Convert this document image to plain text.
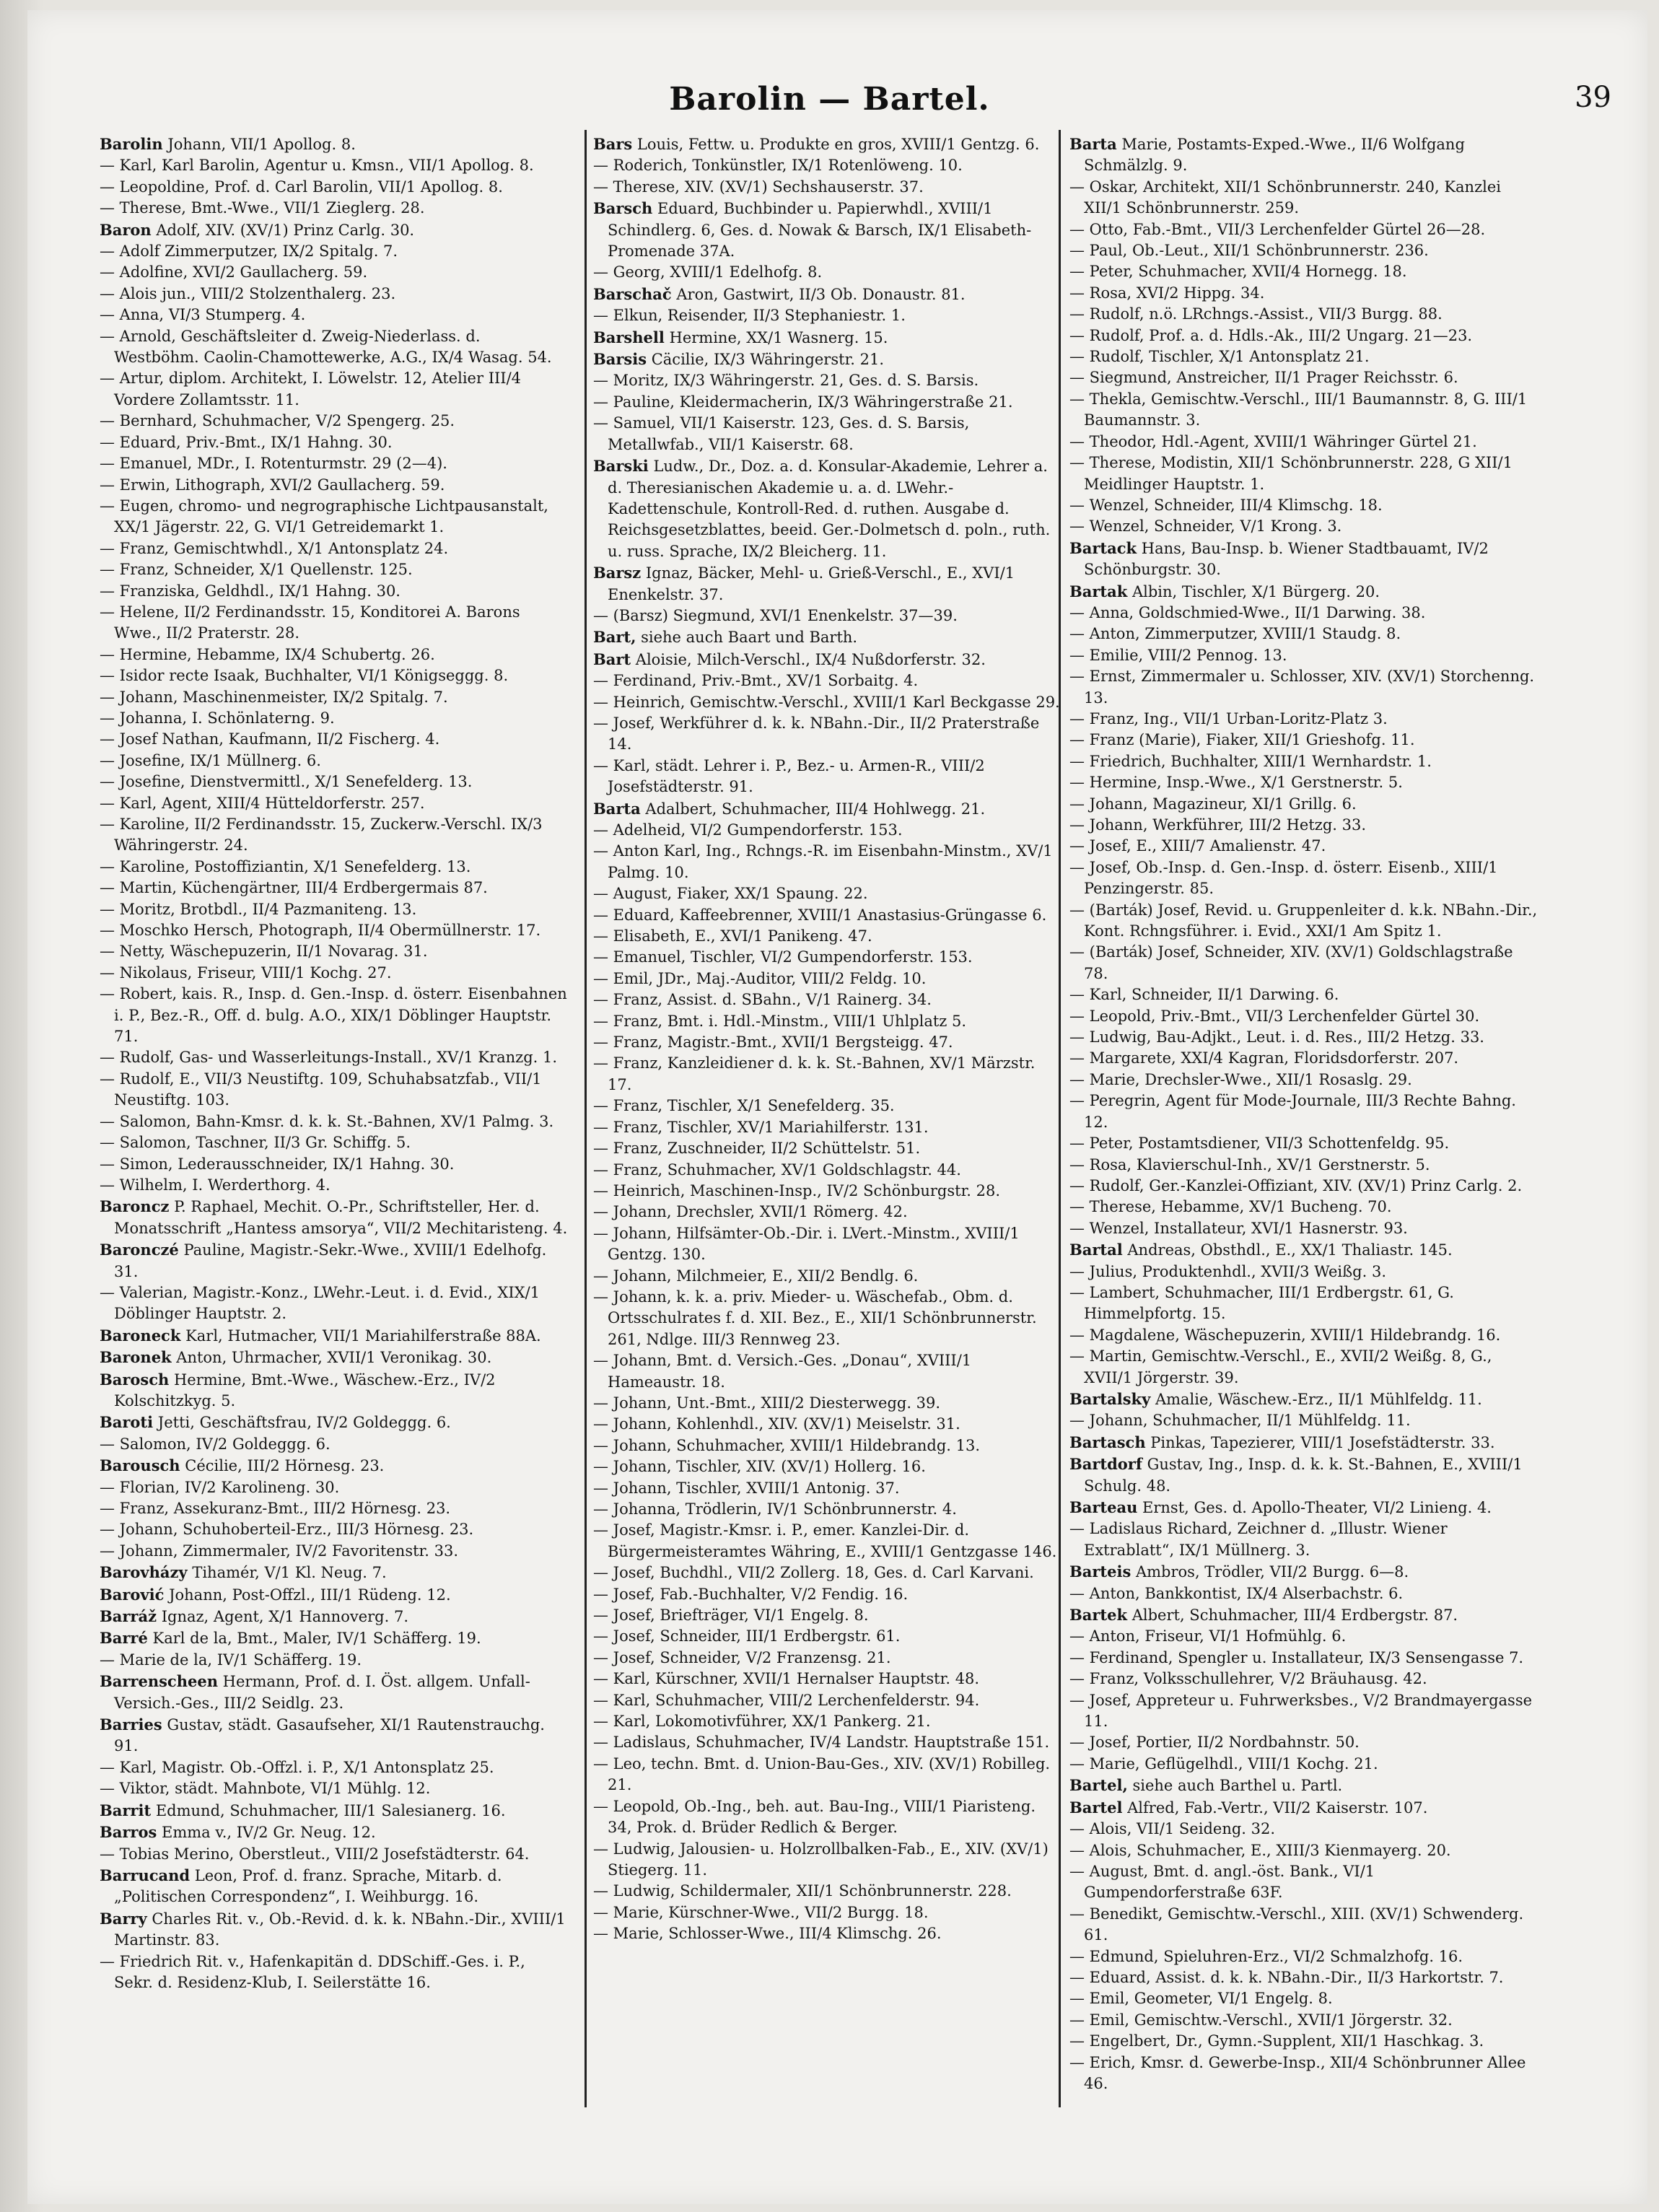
Barolin — Bartel.	39

Barolin Johann, VII/1 Apollog. 8.

— Karl, Karl Barolin, Agentur u. Kmsn., VII/1 Apollog. 8.

— Leopoldine, Prof. d. Carl Barolin, VII/1 Apollog. 8.

— Therese, Bmt.-Wwe., VII/1 Zieglerg. 28.

Baron Adolf, XIV. (XV/1) Prinz Carlg. 30.

— Adolf Zimmerputzer, IX/2 Spitalg. 7.

— Adolfine, XVI/2 Gaullacherg. 59.

— Alois jun., VIII/2 Stolzenthalerg. 23.

— Anna, VI/3 Stumperg. 4.

— Arnold, Geschäftsleiter d. Zweig-Niederlass. d. Westböhm. Caolin-Chamottewerke, A.G., IX/4 Wasag. 54.

— Artur, diplom. Architekt, I. Löwelstr. 12, Atelier III/4 Vordere Zollamtsstr. 11.

— Bernhard, Schuhmacher, V/2 Spengerg. 25.

— Eduard, Priv.-Bmt., IX/1 Hahng. 30.

— Emanuel, MDr., I. Rotenturmstr. 29 (2—4).

— Erwin, Lithograph, XVI/2 Gaullacherg. 59.

— Eugen, chromo- und negrographische Lichtpausanstalt, XX/1 Jägerstr. 22, G. VI/1 Getreidemarkt 1.

— Franz, Gemischtwhdl., X/1 Antonsplatz 24.

— Franz, Schneider, X/1 Quellenstr. 125.

— Franziska, Geldhdl., IX/1 Hahng. 30.

— Helene, II/2 Ferdinandsstr. 15, Konditorei A. Barons Wwe., II/2 Praterstr. 28.

— Hermine, Hebamme, IX/4 Schubertg. 26.

— Isidor recte Isaak, Buchhalter, VI/1 Königseggg. 8.

— Johann, Maschinenmeister, IX/2 Spitalg. 7.

— Johanna, I. Schönlaterng. 9.

— Josef Nathan, Kaufmann, II/2 Fischerg. 4.

— Josefine, IX/1 Müllnerg. 6.

— Josefine, Dienstvermittl., X/1 Senefelderg. 13.

— Karl, Agent, XIII/4 Hütteldorferstr. 257.

— Karoline, II/2 Ferdinandsstr. 15, Zuckerw.-Verschl. IX/3 Währingerstr. 24.

— Karoline, Postoffiziantin, X/1 Senefelderg. 13.

— Martin, Küchengärtner, III/4 Erdbergermais 87.

— Moritz, Brotbdl., II/4 Pazmaniteng. 13.

— Moschko Hersch, Photograph, II/4 Obermüllnerstr. 17.

— Netty, Wäschepuzerin, II/1 Novarag. 31.

— Nikolaus, Friseur, VIII/1 Kochg. 27.

— Robert, kais. R., Insp. d. Gen.-Insp. d. österr. Eisenbahnen i. P., Bez.-R., Off. d. bulg. A.O., XIX/1 Döblinger Hauptstr. 71.

— Rudolf, Gas- und Wasserleitungs-Install., XV/1 Kranzg. 1.

— Rudolf, E., VII/3 Neustiftg. 109, Schuhabsatzfab., VII/1 Neustiftg. 103.

— Salomon, Bahn-Kmsr. d. k. k. St.-Bahnen, XV/1 Palmg. 3.

— Salomon, Taschner, II/3 Gr. Schiffg. 5.

— Simon, Lederausschneider, IX/1 Hahng. 30.

— Wilhelm, I. Werderthorg. 4.

Baroncz P. Raphael, Mechit. O.-Pr., Schriftsteller, Her. d. Monatsschrift „Hantess amsorya“, VII/2 Mechitaristeng. 4.

Baronczé Pauline, Magistr.-Sekr.-Wwe., XVIII/1 Edelhofg. 31.

— Valerian, Magistr.-Konz., LWehr.-Leut. i. d. Evid., XIX/1 Döblinger Hauptstr. 2.

Baroneck Karl, Hutmacher, VII/1 Mariahilferstraße 88A.

Baronek Anton, Uhrmacher, XVII/1 Veronikag. 30.

Barosch Hermine, Bmt.-Wwe., Wäschew.-Erz., IV/2 Kolschitzkyg. 5.

Baroti Jetti, Geschäftsfrau, IV/2 Goldeggg. 6.

— Salomon, IV/2 Goldeggg. 6.

Barousch Cécilie, III/2 Hörnesg. 23.

— Florian, IV/2 Karolineng. 30.

— Franz, Assekuranz-Bmt., III/2 Hörnesg. 23.

— Johann, Schuhoberteil-Erz., III/3 Hörnesg. 23.

— Johann, Zimmermaler, IV/2 Favoritenstr. 33.

Barovházy Tihamér, V/1 Kl. Neug. 7.

Barović Johann, Post-Offzl., III/1 Rüdeng. 12.

Barráž Ignaz, Agent, X/1 Hannoverg. 7.

Barré Karl de la, Bmt., Maler, IV/1 Schäfferg. 19.

— Marie de la, IV/1 Schäfferg. 19.

Barrenscheen Hermann, Prof. d. I. Öst. allgem. Unfall-Versich.-Ges., III/2 Seidlg. 23.

Barries Gustav, städt. Gasaufseher, XI/1 Rautenstrauchg. 91.

— Karl, Magistr. Ob.-Offzl. i. P., X/1 Antonsplatz 25.

— Viktor, städt. Mahnbote, VI/1 Mühlg. 12.

Barrit Edmund, Schuhmacher, III/1 Salesianerg. 16.

Barros Emma v., IV/2 Gr. Neug. 12.

— Tobias Merino, Oberstleut., VIII/2 Josefstädterstr. 64.

Barrucand Leon, Prof. d. franz. Sprache, Mitarb. d. „Politischen Correspondenz“, I. Weihburgg. 16.

Barry Charles Rit. v., Ob.-Revid. d. k. k. NBahn.-Dir., XVIII/1 Martinstr. 83.

— Friedrich Rit. v., Hafenkapitän d. DDSchiff.-Ges. i. P., Sekr. d. Residenz-Klub, I. Seilerstätte 16.

Bars Louis, Fettw. u. Produkte en gros, XVIII/1 Gentzg. 6.

— Roderich, Tonkünstler, IX/1 Rotenlöweng. 10.

— Therese, XIV. (XV/1) Sechshauserstr. 37.

Barsch Eduard, Buchbinder u. Papierwhdl., XVIII/1 Schindlerg. 6, Ges. d. Nowak & Barsch, IX/1 Elisabeth-Promenade 37A.

— Georg, XVIII/1 Edelhofg. 8.

Barschač Aron, Gastwirt, II/3 Ob. Donaustr. 81.

— Elkun, Reisender, II/3 Stephaniestr. 1.

Barshell Hermine, XX/1 Wasnerg. 15.

Barsis Cäcilie, IX/3 Währingerstr. 21.

— Moritz, IX/3 Währingerstr. 21, Ges. d. S. Barsis.

— Pauline, Kleidermacherin, IX/3 Währingerstraße 21.

— Samuel, VII/1 Kaiserstr. 123, Ges. d. S. Barsis, Metallwfab., VII/1 Kaiserstr. 68.

Barski Ludw., Dr., Doz. a. d. Konsular-Akademie, Lehrer a. d. Theresianischen Akademie u. a. d. LWehr.-Kadettenschule, Kontroll-Red. d. ruthen. Ausgabe d. Reichsgesetzblattes, beeid. Ger.-Dolmetsch d. poln., ruth. u. russ. Sprache, IX/2 Bleicherg. 11.

Barsz Ignaz, Bäcker, Mehl- u. Grieß-Verschl., E., XVI/1 Enenkelstr. 37.

— (Barsz) Siegmund, XVI/1 Enenkelstr. 37—39.

Bart, siehe auch Baart und Barth.

Bart Aloisie, Milch-Verschl., IX/4 Nußdorferstr. 32.

— Ferdinand, Priv.-Bmt., XV/1 Sorbaitg. 4.

— Heinrich, Gemischtw.-Verschl., XVIII/1 Karl Beckgasse 29.

— Josef, Werkführer d. k. k. NBahn.-Dir., II/2 Praterstraße 14.

— Karl, städt. Lehrer i. P., Bez.- u. Armen-R., VIII/2 Josefstädterstr. 91.

Barta Adalbert, Schuhmacher, III/4 Hohlwegg. 21.

— Adelheid, VI/2 Gumpendorferstr. 153.

— Anton Karl, Ing., Rchngs.-R. im Eisenbahn-Minstm., XV/1 Palmg. 10.

— August, Fiaker, XX/1 Spaung. 22.

— Eduard, Kaffeebrenner, XVIII/1 Anastasius-Grüngasse 6.

— Elisabeth, E., XVI/1 Panikeng. 47.

— Emanuel, Tischler, VI/2 Gumpendorferstr. 153.

— Emil, JDr., Maj.-Auditor, VIII/2 Feldg. 10.

— Franz, Assist. d. SBahn., V/1 Rainerg. 34.

— Franz, Bmt. i. Hdl.-Minstm., VIII/1 Uhlplatz 5.

— Franz, Magistr.-Bmt., XVII/1 Bergsteigg. 47.

— Franz, Kanzleidiener d. k. k. St.-Bahnen, XV/1 Märzstr. 17.

— Franz, Tischler, X/1 Senefelderg. 35.

— Franz, Tischler, XV/1 Mariahilferstr. 131.

— Franz, Zuschneider, II/2 Schüttelstr. 51.

— Franz, Schuhmacher, XV/1 Goldschlagstr. 44.

— Heinrich, Maschinen-Insp., IV/2 Schönburgstr. 28.

— Johann, Drechsler, XVII/1 Römerg. 42.

— Johann, Hilfsämter-Ob.-Dir. i. LVert.-Minstm., XVIII/1 Gentzg. 130.

— Johann, Milchmeier, E., XII/2 Bendlg. 6.

— Johann, k. k. a. priv. Mieder- u. Wäschefab., Obm. d. Ortsschulrates f. d. XII. Bez., E., XII/1 Schönbrunnerstr. 261, Ndlge. III/3 Rennweg 23.

— Johann, Bmt. d. Versich.-Ges. „Donau“, XVIII/1 Hameaustr. 18.

— Johann, Unt.-Bmt., XIII/2 Diesterwegg. 39.

— Johann, Kohlenhdl., XIV. (XV/1) Meiselstr. 31.

— Johann, Schuhmacher, XVIII/1 Hildebrandg. 13.

— Johann, Tischler, XIV. (XV/1) Hollerg. 16.

— Johann, Tischler, XVIII/1 Antonig. 37.

— Johanna, Trödlerin, IV/1 Schönbrunnerstr. 4.

— Josef, Magistr.-Kmsr. i. P., emer. Kanzlei-Dir. d. Bürgermeisteramtes Währing, E., XVIII/1 Gentzgasse 146.

— Josef, Buchdhl., VII/2 Zollerg. 18, Ges. d. Carl Karvani.

— Josef, Fab.-Buchhalter, V/2 Fendig. 16.

— Josef, Briefträger, VI/1 Engelg. 8.

— Josef, Schneider, III/1 Erdbergstr. 61.

— Josef, Schneider, V/2 Franzensg. 21.

— Karl, Kürschner, XVII/1 Hernalser Hauptstr. 48.

— Karl, Schuhmacher, VIII/2 Lerchenfelderstr. 94.

— Karl, Lokomotivführer, XX/1 Pankerg. 21.

— Ladislaus, Schuhmacher, IV/4 Landstr. Hauptstraße 151.

— Leo, techn. Bmt. d. Union-Bau-Ges., XIV. (XV/1) Robilleg. 21.

— Leopold, Ob.-Ing., beh. aut. Bau-Ing., VIII/1 Piaristeng. 34, Prok. d. Brüder Redlich & Berger.

— Ludwig, Jalousien- u. Holzrollbalken-Fab., E., XIV. (XV/1) Stiegerg. 11.

— Ludwig, Schildermaler, XII/1 Schönbrunnerstr. 228.

— Marie, Kürschner-Wwe., VII/2 Burgg. 18.

— Marie, Schlosser-Wwe., III/4 Klimschg. 26.

Barta Marie, Postamts-Exped.-Wwe., II/6 Wolfgang Schmälzlg. 9.

— Oskar, Architekt, XII/1 Schönbrunnerstr. 240, Kanzlei XII/1 Schönbrunnerstr. 259.

— Otto, Fab.-Bmt., VII/3 Lerchenfelder Gürtel 26—28.

— Paul, Ob.-Leut., XII/1 Schönbrunnerstr. 236.

— Peter, Schuhmacher, XVII/4 Hornegg. 18.

— Rosa, XVI/2 Hippg. 34.

— Rudolf, n.ö. LRchngs.-Assist., VII/3 Burgg. 88.

— Rudolf, Prof. a. d. Hdls.-Ak., III/2 Ungarg. 21—23.

— Rudolf, Tischler, X/1 Antonsplatz 21.

— Siegmund, Anstreicher, II/1 Prager Reichsstr. 6.

— Thekla, Gemischtw.-Verschl., III/1 Baumannstr. 8, G. III/1 Baumannstr. 3.

— Theodor, Hdl.-Agent, XVIII/1 Währinger Gürtel 21.

— Therese, Modistin, XII/1 Schönbrunnerstr. 228, G XII/1 Meidlinger Hauptstr. 1.

— Wenzel, Schneider, III/4 Klimschg. 18.

— Wenzel, Schneider, V/1 Krong. 3.

Bartack Hans, Bau-Insp. b. Wiener Stadtbauamt, IV/2 Schönburgstr. 30.

Bartak Albin, Tischler, X/1 Bürgerg. 20.

— Anna, Goldschmied-Wwe., II/1 Darwing. 38.

— Anton, Zimmerputzer, XVIII/1 Staudg. 8.

— Emilie, VIII/2 Pennog. 13.

— Ernst, Zimmermaler u. Schlosser, XIV. (XV/1) Storchenng. 13.

— Franz, Ing., VII/1 Urban-Loritz-Platz 3.

— Franz (Marie), Fiaker, XII/1 Grieshofg. 11.

— Friedrich, Buchhalter, XIII/1 Wernhardstr. 1.

— Hermine, Insp.-Wwe., X/1 Gerstnerstr. 5.

— Johann, Magazineur, XI/1 Grillg. 6.

— Johann, Werkführer, III/2 Hetzg. 33.

— Josef, E., XIII/7 Amalienstr. 47.

— Josef, Ob.-Insp. d. Gen.-Insp. d. österr. Eisenb., XIII/1 Penzingerstr. 85.

— (Barták) Josef, Revid. u. Gruppenleiter d. k.k. NBahn.-Dir., Kont. Rchngsführer. i. Evid., XXI/1 Am Spitz 1.

— (Barták) Josef, Schneider, XIV. (XV/1) Goldschlagstraße 78.

— Karl, Schneider, II/1 Darwing. 6.

— Leopold, Priv.-Bmt., VII/3 Lerchenfelder Gürtel 30.

— Ludwig, Bau-Adjkt., Leut. i. d. Res., III/2 Hetzg. 33.

— Margarete, XXI/4 Kagran, Floridsdorferstr. 207.

— Marie, Drechsler-Wwe., XII/1 Rosaslg. 29.

— Peregrin, Agent für Mode-Journale, III/3 Rechte Bahng. 12.

— Peter, Postamtsdiener, VII/3 Schottenfeldg. 95.

— Rosa, Klavierschul-Inh., XV/1 Gerstnerstr. 5.

— Rudolf, Ger.-Kanzlei-Offiziant, XIV. (XV/1) Prinz Carlg. 2.

— Therese, Hebamme, XV/1 Bucheng. 70.

— Wenzel, Installateur, XVI/1 Hasnerstr. 93.

Bartal Andreas, Obsthdl., E., XX/1 Thaliastr. 145.

— Julius, Produktenhdl., XVII/3 Weißg. 3.

— Lambert, Schuhmacher, III/1 Erdbergstr. 61, G. Himmelpfortg. 15.

— Magdalene, Wäschepuzerin, XVIII/1 Hildebrandg. 16.

— Martin, Gemischtw.-Verschl., E., XVII/2 Weißg. 8, G., XVII/1 Jörgerstr. 39.

Bartalsky Amalie, Wäschew.-Erz., II/1 Mühlfeldg. 11.

— Johann, Schuhmacher, II/1 Mühlfeldg. 11.

Bartasch Pinkas, Tapezierer, VIII/1 Josefstädterstr. 33.

Bartdorf Gustav, Ing., Insp. d. k. k. St.-Bahnen, E., XVIII/1 Schulg. 48.

Barteau Ernst, Ges. d. Apollo-Theater, VI/2 Linieng. 4.

— Ladislaus Richard, Zeichner d. „Illustr. Wiener Extrablatt“, IX/1 Müllnerg. 3.

Barteis Ambros, Trödler, VII/2 Burgg. 6—8.

— Anton, Bankkontist, IX/4 Alserbachstr. 6.

Bartek Albert, Schuhmacher, III/4 Erdbergstr. 87.

— Anton, Friseur, VI/1 Hofmühlg. 6.

— Ferdinand, Spengler u. Installateur, IX/3 Sensengasse 7.

— Franz, Volksschullehrer, V/2 Bräuhausg. 42.

— Josef, Appreteur u. Fuhrwerksbes., V/2 Brandmayergasse 11.

— Josef, Portier, II/2 Nordbahnstr. 50.

— Marie, Geflügelhdl., VIII/1 Kochg. 21.

Bartel, siehe auch Barthel u. Partl.

Bartel Alfred, Fab.-Vertr., VII/2 Kaiserstr. 107.

— Alois, VII/1 Seideng. 32.

— Alois, Schuhmacher, E., XIII/3 Kienmayerg. 20.

— August, Bmt. d. angl.-öst. Bank., VI/1 Gumpendorferstraße 63F.

— Benedikt, Gemischtw.-Verschl., XIII. (XV/1) Schwenderg. 61.

— Edmund, Spieluhren-Erz., VI/2 Schmalzhofg. 16.

— Eduard, Assist. d. k. k. NBahn.-Dir., II/3 Harkortstr. 7.

— Emil, Geometer, VI/1 Engelg. 8.

— Emil, Gemischtw.-Verschl., XVII/1 Jörgerstr. 32.

— Engelbert, Dr., Gymn.-Supplent, XII/1 Haschkag. 3.

— Erich, Kmsr. d. Gewerbe-Insp., XII/4 Schönbrunner Allee 46.
